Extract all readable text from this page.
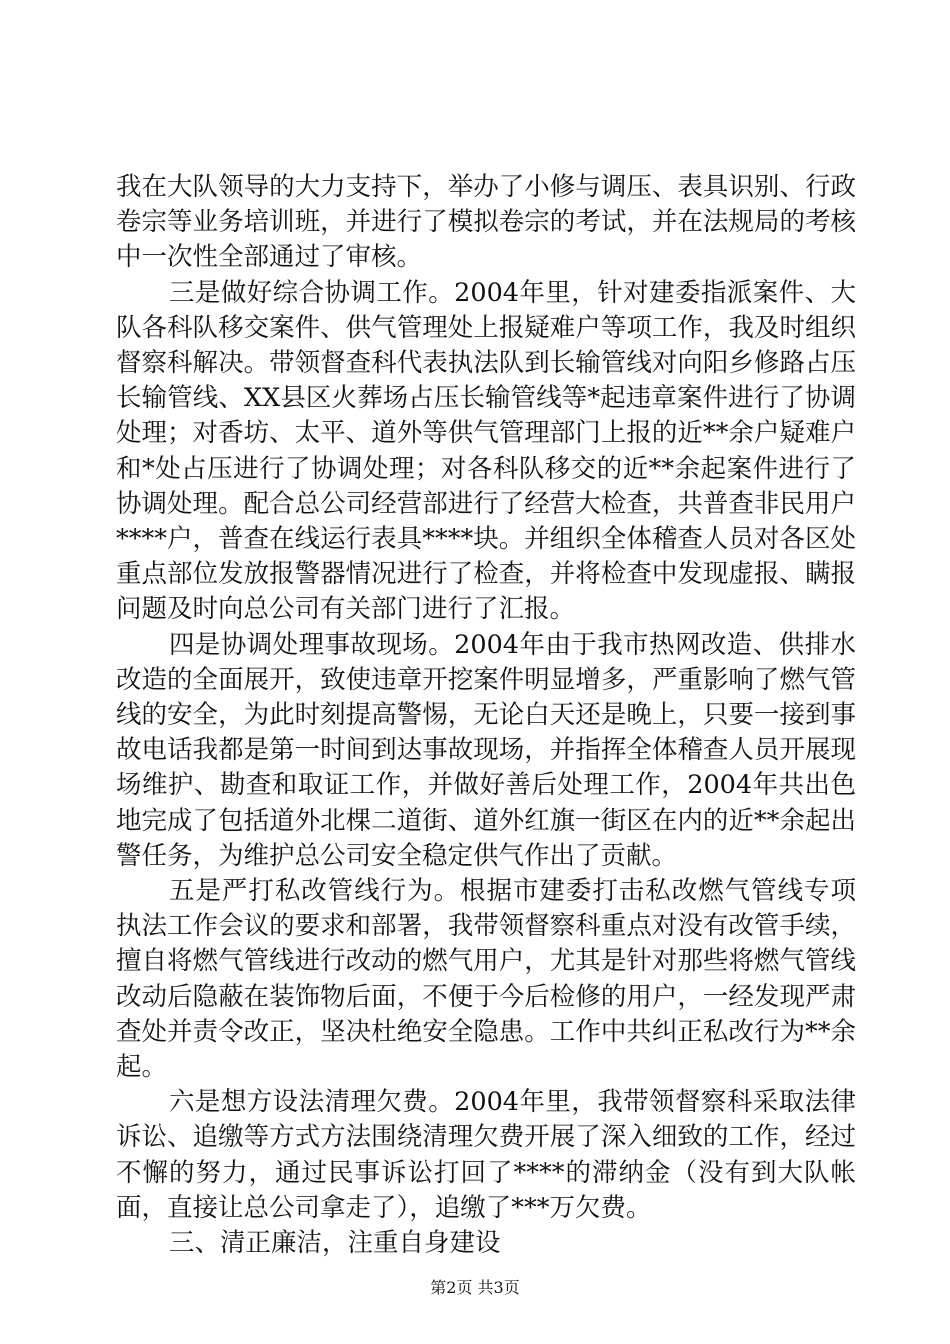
我在大队领导的大力支持下，举办了小修与调压、表具识别、行政卷宗等业务培训班，并进行了模拟卷宗的考试，并在法规局的考核中一次性全部通过了审核。

三是做好综合协调工作。2004年里，针对建委指派案件、大队各科队移交案件、供气管理处上报疑难户等项工作，我及时组织督察科解决。带领督查科代表执法队到长输管线对向阳乡修路占压长输管线、XX县区火葬场占压长输管线等*起违章案件进行了协调处理；对香坊、太平、道外等供气管理部门上报的近**余户疑难户和*处占压进行了协调处理；对各科队移交的近**余起案件进行了协调处理。配合总公司经营部进行了经营大检查，共普查非民用户****户，普查在线运行表具****块。并组织全体稽查人员对各区处重点部位发放报警器情况进行了检查，并将检查中发现虚报、瞒报问题及时向总公司有关部门进行了汇报。

四是协调处理事故现场。2004年由于我市热网改造、供排水改造的全面展开，致使违章开挖案件明显增多，严重影响了燃气管线的安全，为此时刻提高警惕，无论白天还是晚上，只要一接到事故电话我都是第一时间到达事故现场，并指挥全体稽查人员开展现场维护、勘查和取证工作，并做好善后处理工作，2004年共出色地完成了包括道外北棵二道街、道外红旗一街区在内的近**余起出警任务，为维护总公司安全稳定供气作出了贡献。

五是严打私改管线行为。根据市建委打击私改燃气管线专项执法工作会议的要求和部署，我带领督察科重点对没有改管手续，擅自将燃气管线进行改动的燃气用户，尤其是针对那些将燃气管线改动后隐蔽在装饰物后面，不便于今后检修的用户，一经发现严肃查处并责令改正，坚决杜绝安全隐患。工作中共纠正私改行为**余起。

六是想方设法清理欠费。2004年里，我带领督察科采取法律诉讼、追缴等方式方法围绕清理欠费开展了深入细致的工作，经过不懈的努力，通过民事诉讼打回了****的滞纳金（没有到大队帐面，直接让总公司拿走了），追缴了***万欠费。

三、清正廉洁，注重自身建设

第2页 共3页
